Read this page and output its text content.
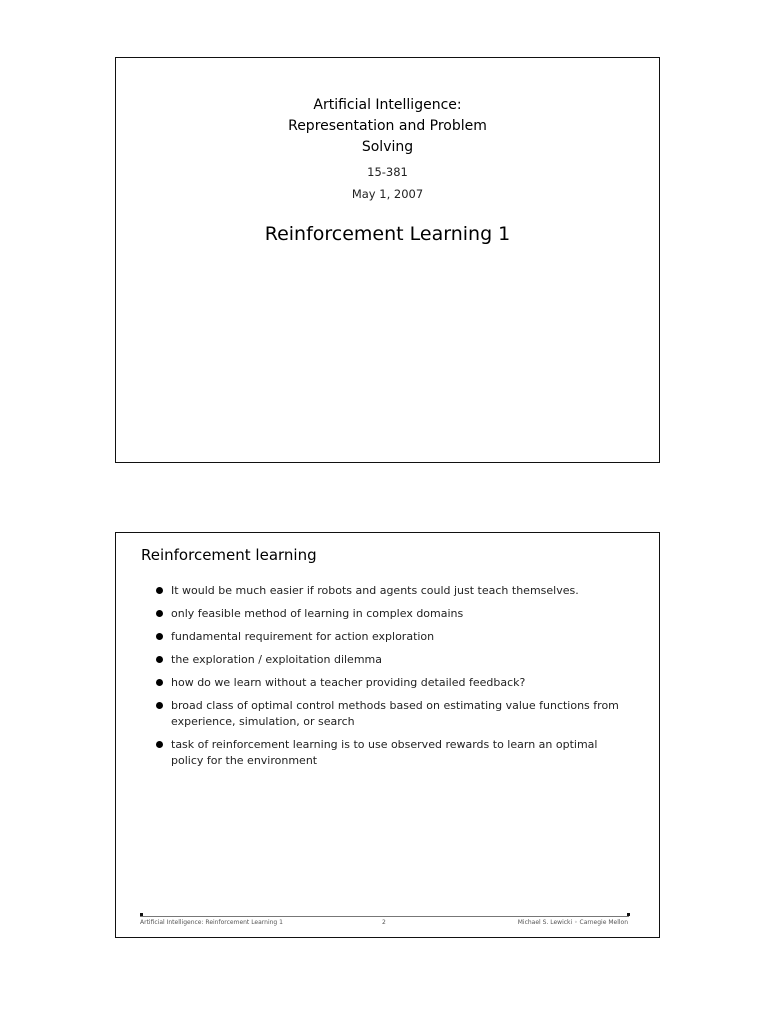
Artificial Intelligence:
Representation and Problem
Solving
15-381
May 1, 2007
Reinforcement Learning 1
Reinforcement learning
It would be much easier if robots and agents could just teach themselves.
only feasible method of learning in complex domains
fundamental requirement for action exploration
the exploration / exploitation dilemma
how do we learn without a teacher providing detailed feedback?
broad class of optimal control methods based on estimating value functions from experience, simulation, or search
task of reinforcement learning is to use observed rewards to learn an optimal policy for the environment
Artificial Intelligence: Reinforcement Learning 1	2	Michael S. Lewicki ◦ Carnegie Mellon
